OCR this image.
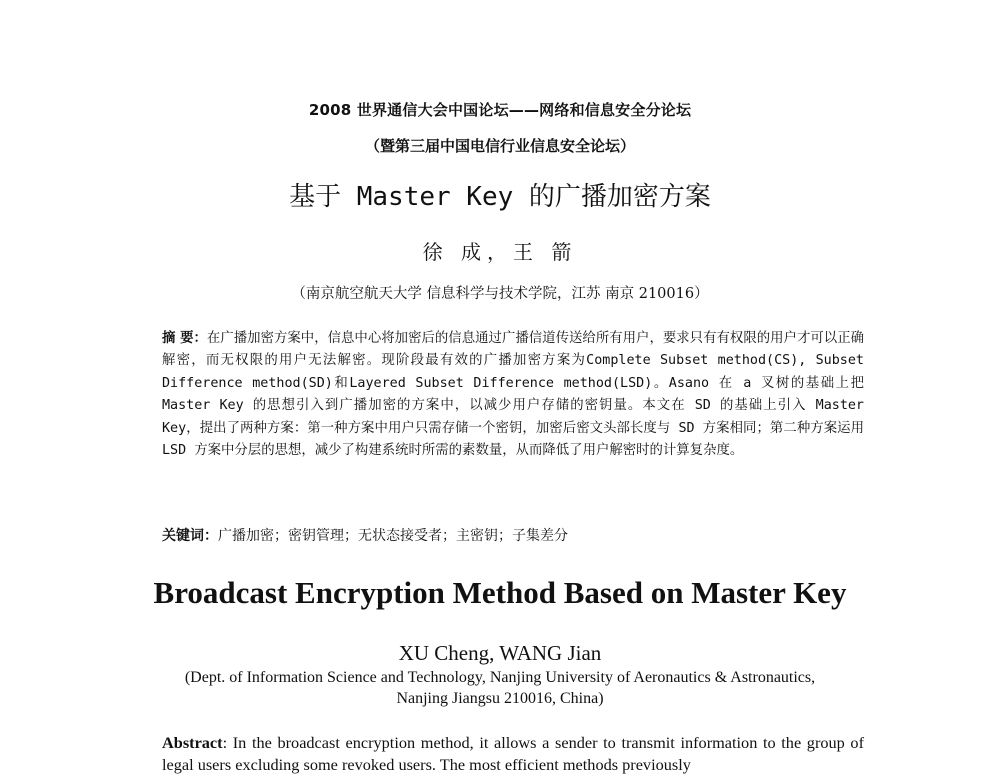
2008 世界通信大会中国论坛——网络和信息安全分论坛
（暨第三届中国电信行业信息安全论坛）
基于 Master Key 的广播加密方案
徐 成，王 箭
（南京航空航天大学 信息科学与技术学院，江苏 南京 210016）

摘 要：在广播加密方案中，信息中心将加密后的信息通过广播信道传送给所有用户，要求只有有权限的用户才可以正确解密，而无权限的用户无法解密。现阶段最有效的广播加密方案为Complete Subset method(CS), Subset Difference method(SD)和Layered Subset Difference method(LSD)。Asano 在 a 叉树的基础上把 Master Key 的思想引入到广播加密的方案中，以减少用户存储的密钥量。本文在 SD 的基础上引入 Master Key，提出了两种方案：第一种方案中用户只需存储一个密钥，加密后密文头部长度与 SD 方案相同；第二种方案运用 LSD 方案中分层的思想，减少了构建系统时所需的素数量，从而降低了用户解密时的计算复杂度。

关键词：广播加密；密钥管理；无状态接受者；主密钥；子集差分
Broadcast Encryption Method Based on Master Key
XU Cheng, WANG Jian
(Dept. of Information Science and Technology, Nanjing University of Aeronautics & Astronautics,
Nanjing Jiangsu 210016, China)

Abstract: In the broadcast encryption method, it allows a sender to transmit information to the group of legal users excluding some revoked users. The most efficient methods previously
